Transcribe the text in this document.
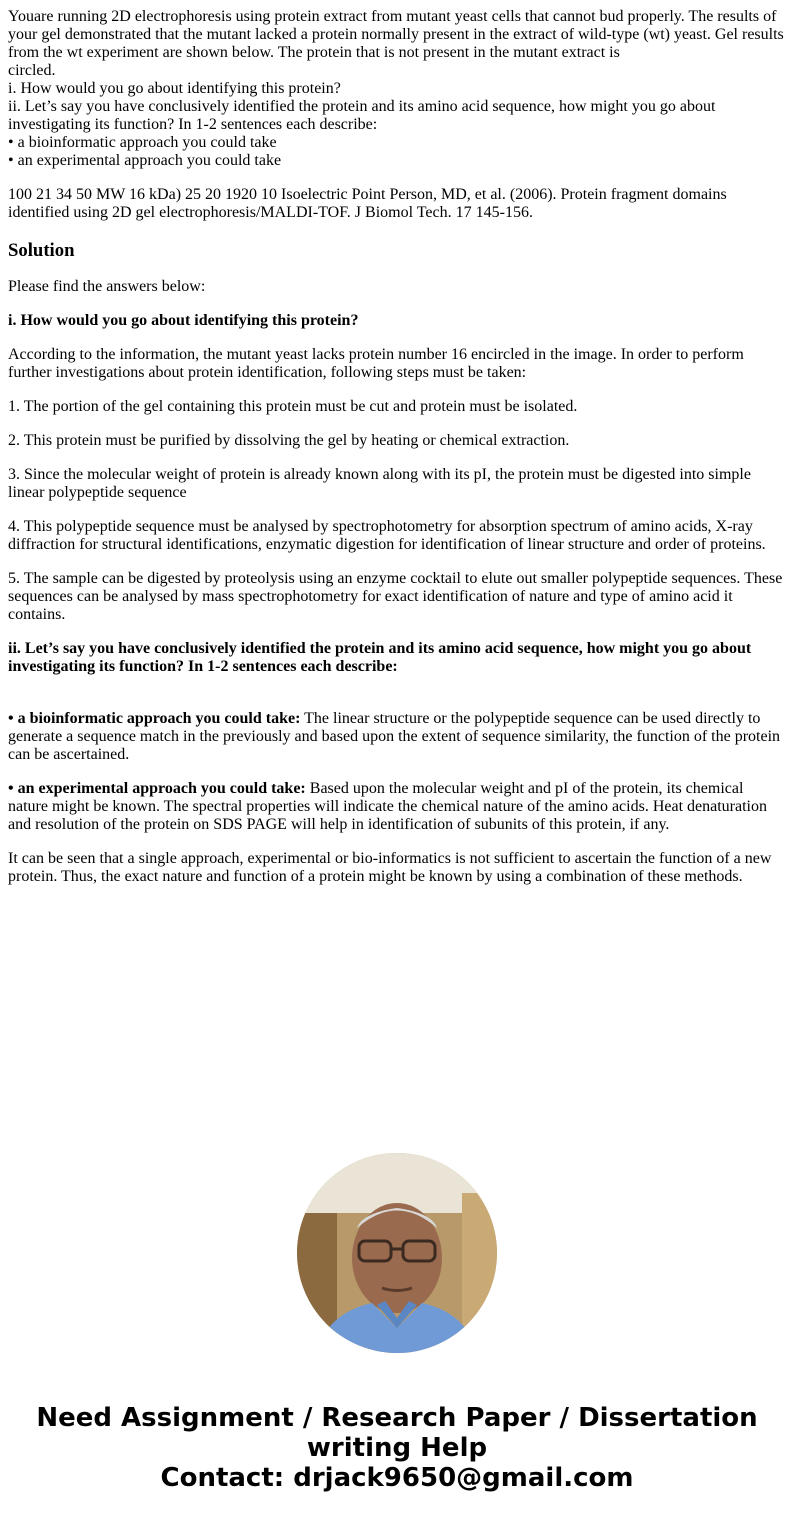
Youare running 2D electrophoresis using protein extract from mutant yeast cells that cannot bud properly. The results of your gel demonstrated that the mutant lacked a protein normally present in the extract of wild-type (wt) yeast. Gel results from the wt experiment are shown below. The protein that is not present in the mutant extract is
circled.
i. How would you go about identifying this protein?
ii. Let’s say you have conclusively identified the protein and its amino acid sequence, how might you go about investigating its function? In 1-2 sentences each describe:
• a bioinformatic approach you could take
• an experimental approach you could take

100 21 34 50 MW 16 kDa) 25 20 1920 10 Isoelectric Point Person, MD, et al. (2006). Protein fragment domains identified using 2D gel electrophoresis/MALDI-TOF. J Biomol Tech. 17 145-156.

Solution

Please find the answers below:

i. How would you go about identifying this protein?

According to the information, the mutant yeast lacks protein number 16 encircled in the image. In order to perform further investigations about protein identification, following steps must be taken:

1. The portion of the gel containing this protein must be cut and protein must be isolated.

2. This protein must be purified by dissolving the gel by heating or chemical extraction.

3. Since the molecular weight of protein is already known along with its pI, the protein must be digested into simple linear polypeptide sequence

4. This polypeptide sequence must be analysed by spectrophotometry for absorption spectrum of amino acids, X-ray diffraction for structural identifications, enzymatic digestion for identification of linear structure and order of proteins.

5. The sample can be digested by proteolysis using an enzyme cocktail to elute out smaller polypeptide sequences. These sequences can be analysed by mass spectrophotometry for exact identification of nature and type of amino acid it contains.

ii. Let’s say you have conclusively identified the protein and its amino acid sequence, how might you go about investigating its function? In 1-2 sentences each describe:

• a bioinformatic approach you could take: The linear structure or the polypeptide sequence can be used directly to generate a sequence match in the previously and based upon the extent of sequence similarity, the function of the protein can be ascertained.

• an experimental approach you could take: Based upon the molecular weight and pI of the protein, its chemical nature might be known. The spectral properties will indicate the chemical nature of the amino acids. Heat denaturation and resolution of the protein on SDS PAGE will help in identification of subunits of this protein, if any.

It can be seen that a single approach, experimental or bio-informatics is not sufficient to ascertain the function of a new protein. Thus, the exact nature and function of a protein might be known by using a combination of these methods.

Need Assignment / Research Paper / Dissertation
writing Help
Contact: drjack9650@gmail.com
